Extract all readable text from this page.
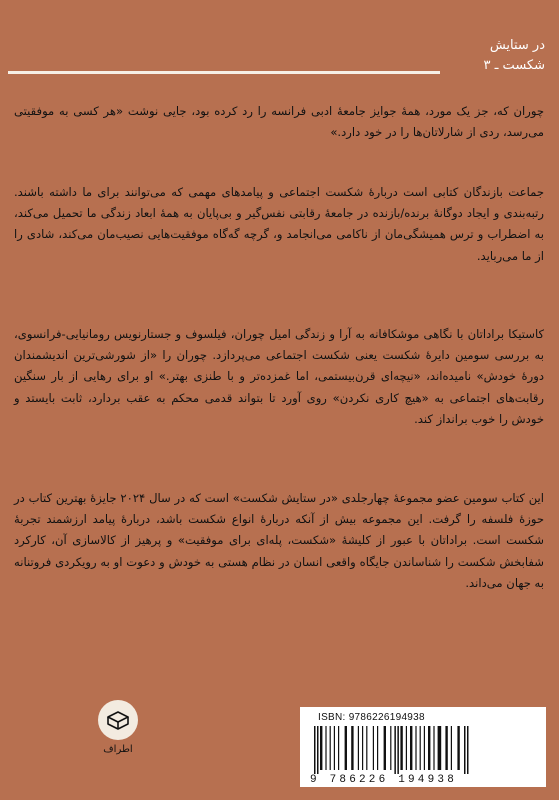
در ستایش
شکست ـ ۳

چوران که، جز یک مورد، همهٔ جوایز جامعهٔ ادبی فرانسه را رد کرده بود، جایی نوشت «هر کسی به موفقیتی می‌رسد، ردی از شارلاتان‌ها را در خود دارد.»

جماعت بازندگان کتابی است دربارهٔ شکست اجتماعی و پیامدهای مهمی که می‌توانند برای ما داشته باشند. رتبه‌بندی و ایجاد دوگانهٔ برنده/بازنده در جامعهٔ رقابتی نفس‌گیر و بی‌پایان به همهٔ ابعاد زندگی ما تحمیل می‌کند، به اضطراب و ترس همیشگی‌مان از ناکامی می‌انجامد و، گرچه گه‌گاه موفقیت‌هایی نصیب‌مان می‌کند، شادی را از ما می‌رباید.

کاستیکا براداتان با نگاهی موشکافانه به آرا و زندگی امیل چوران، فیلسوف و جستارنویس رومانیایی-فرانسوی، به بررسی سومین دایرهٔ شکست یعنی شکست اجتماعی می‌پردازد. چوران را «از شورشی‌ترین اندیشمندان دورهٔ خودش» نامیده‌اند، «نیچه‌ای قرن‌بیستمی، اما غمزده‌تر و با طنزی بهتر.» او برای رهایی از بار سنگین رقابت‌های اجتماعی به «هیچ کاری نکردن» روی آورد تا بتواند قدمی محکم به عقب بردارد، ثابت بایستد و خودش را خوب برانداز کند.

این کتاب سومین عضو مجموعهٔ چهارجلدی «در ستایش شکست» است که در سال ۲۰۲۴ جایزهٔ بهترین کتاب در حوزهٔ فلسفه را گرفت. این مجموعه بیش از آنکه دربارهٔ انواع شکست باشد، دربارهٔ پیامد ارزشمند تجربهٔ شکست است. براداتان با عبور از کلیشهٔ «شکست، پله‌ای برای موفقیت» و پرهیز از کالاسازی آن، کارکرد شفابخش شکست را شناساندن جایگاه واقعی انسان در نظام هستی به خودش و دعوت او به رویکردی فروتنانه به جهان می‌داند.

اطراف
ISBN: 9786226194938
9 786226 194938
